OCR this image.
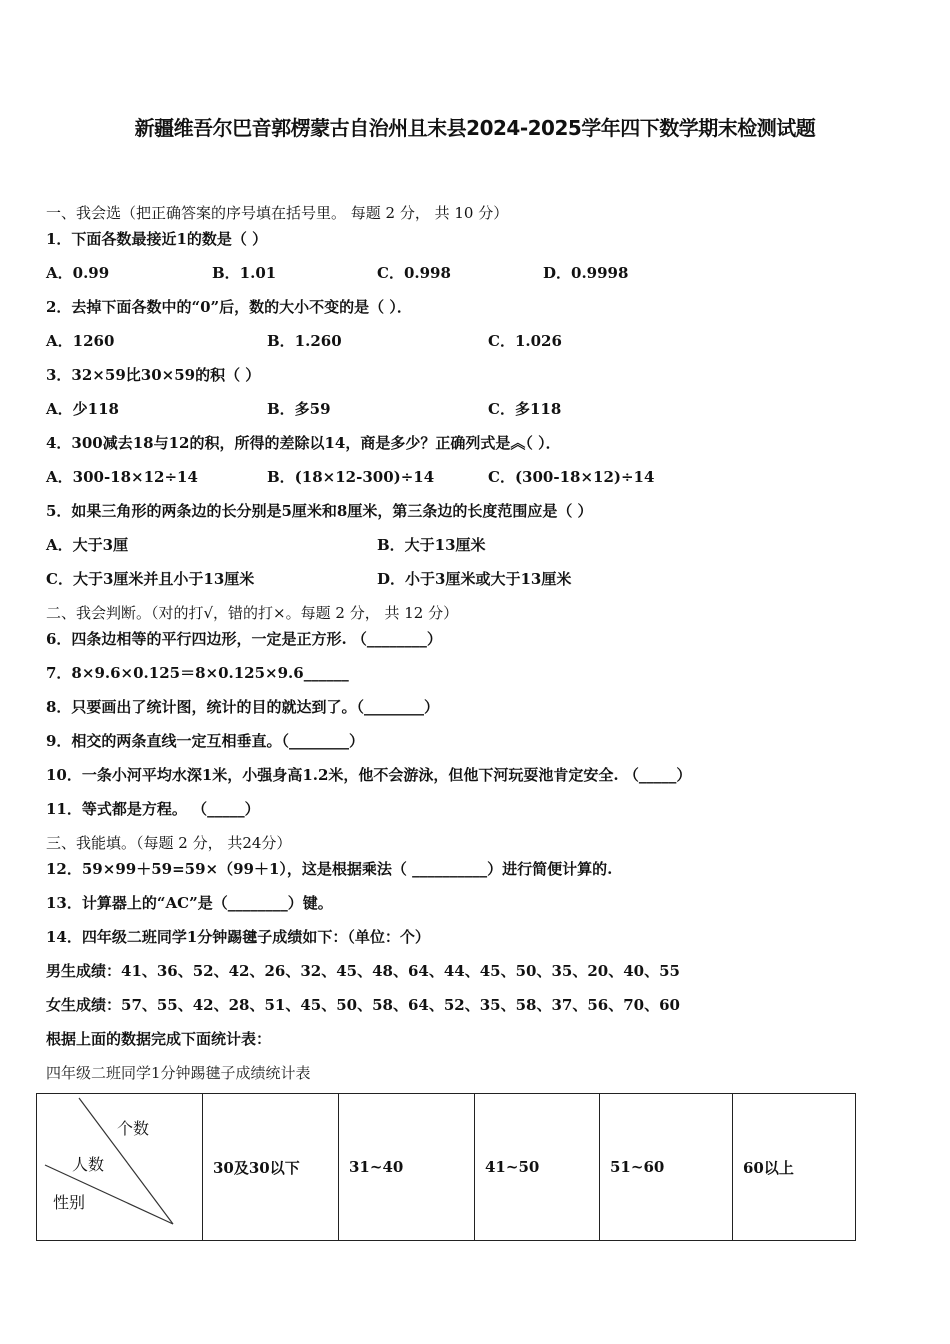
新疆维吾尔巴音郭楞蒙古自治州且末县2024-2025学年四下数学期末检测试题
一、我会选（把正确答案的序号填在括号里。 每题 2 分， 共 10 分）
1．下面各数最接近1的数是（ ）
A．0.99	B．1.01	C．0.998	D．0.9998
2．去掉下面各数中的“0”后，数的大小不变的是（ ）．
A．1260	B．1.260	C．1.026
3．32×59比30×59的积（ ）
A．少118	B．多59	C．多118
4．300减去18与12的积，所得的差除以14，商是多少？正确列式是︽（ ）．
A．300-18×12÷14	B．(18×12-300)÷14	C．(300-18×12)÷14
5．如果三角形的两条边的长分别是5厘米和8厘米，第三条边的长度范围应是（ ）
A．大于3厘	B．大于13厘米
C．大于3厘米并且小于13厘米	D．小于3厘米或大于13厘米
二、我会判断。（对的打√，错的打×。每题 2 分， 共 12 分）
6．四条边相等的平行四边形，一定是正方形. （________）
7．8×9.6×0.125＝8×0.125×9.6______
8．只要画出了统计图，统计的目的就达到了。（________）
9．相交的两条直线一定互相垂直。（________）
10．一条小河平均水深1米，小强身高1.2米，他不会游泳，但他下河玩耍池肯定安全. （_____）
11．等式都是方程。 （_____）
三、我能填。（每题 2 分， 共24分）
12．59×99＋59=59×（99＋1），这是根据乘法（ __________）进行简便计算的.
13．计算器上的“AC”是（________）键。
14．四年级二班同学1分钟踢毽子成绩如下：（单位：个）
男生成绩：41、36、52、42、26、32、45、48、64、44、45、50、35、20、40、55
女生成绩：57、55、42、28、51、45、50、58、64、52、35、58、37、56、70、60
根据上面的数据完成下面统计表：
四年级二班同学1分钟踢毽子成绩统计表
个数
人数
性别
	30及30以下	31~40	41~50	51~60	60以上
